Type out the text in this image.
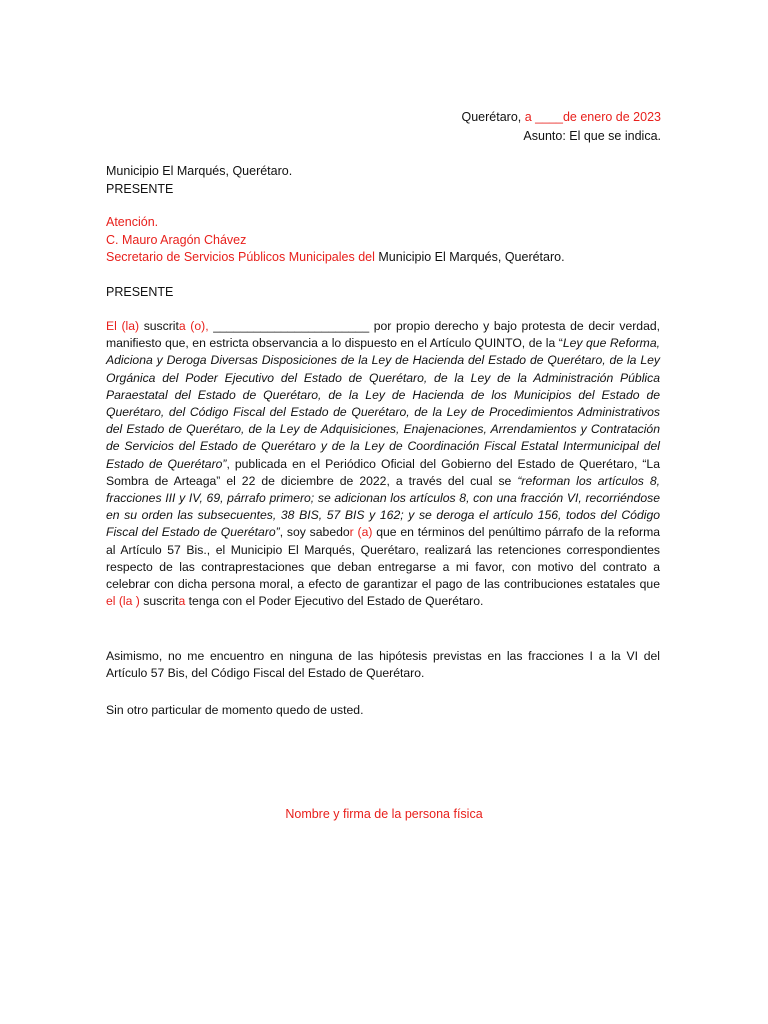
Querétaro, a ____de enero de 2023
Asunto: El que se indica.
Municipio El Marqués, Querétaro.
PRESENTE
Atención.
C. Mauro Aragón Chávez
Secretario de Servicios Públicos Municipales del Municipio El Marqués, Querétaro.
PRESENTE
El (la) suscrita (o), _______________________ por propio derecho y bajo protesta de decir verdad, manifiesto que, en estricta observancia a lo dispuesto en el Artículo QUINTO, de la “Ley que Reforma, Adiciona y Deroga Diversas Disposiciones de la Ley de Hacienda del Estado de Querétaro, de la Ley Orgánica del Poder Ejecutivo del Estado de Querétaro, de la Ley de la Administración Pública Paraestatal del Estado de Querétaro, de la Ley de Hacienda de los Municipios del Estado de Querétaro, del Código Fiscal del Estado de Querétaro, de la Ley de Procedimientos Administrativos del Estado de Querétaro, de la Ley de Adquisiciones, Enajenaciones, Arrendamientos y Contratación de Servicios del Estado de Querétaro y de la Ley de Coordinación Fiscal Estatal Intermunicipal del Estado de Querétaro”, publicada en el Periódico Oficial del Gobierno del Estado de Querétaro, “La Sombra de Arteaga” el 22 de diciembre de 2022, a través del cual se “reforman los artículos 8, fracciones III y IV, 69, párrafo primero; se adicionan los artículos 8, con una fracción VI, recorriéndose en su orden las subsecuentes, 38 BIS, 57 BIS y 162; y se deroga el artículo 156, todos del Código Fiscal del Estado de Querétaro”, soy sabedor (a) que en términos del penúltimo párrafo de la reforma al Artículo 57 Bis., el Municipio El Marqués, Querétaro, realizará las retenciones correspondientes respecto de las contraprestaciones que deban entregarse a mi favor, con motivo del contrato a celebrar con dicha persona moral, a efecto de garantizar el pago de las contribuciones estatales que el (la ) suscrita tenga con el Poder Ejecutivo del Estado de Querétaro.
Asimismo, no me encuentro en ninguna de las hipótesis previstas en las fracciones I a la VI del Artículo 57 Bis, del Código Fiscal del Estado de Querétaro.
Sin otro particular de momento quedo de usted.
Nombre y firma de la persona física
